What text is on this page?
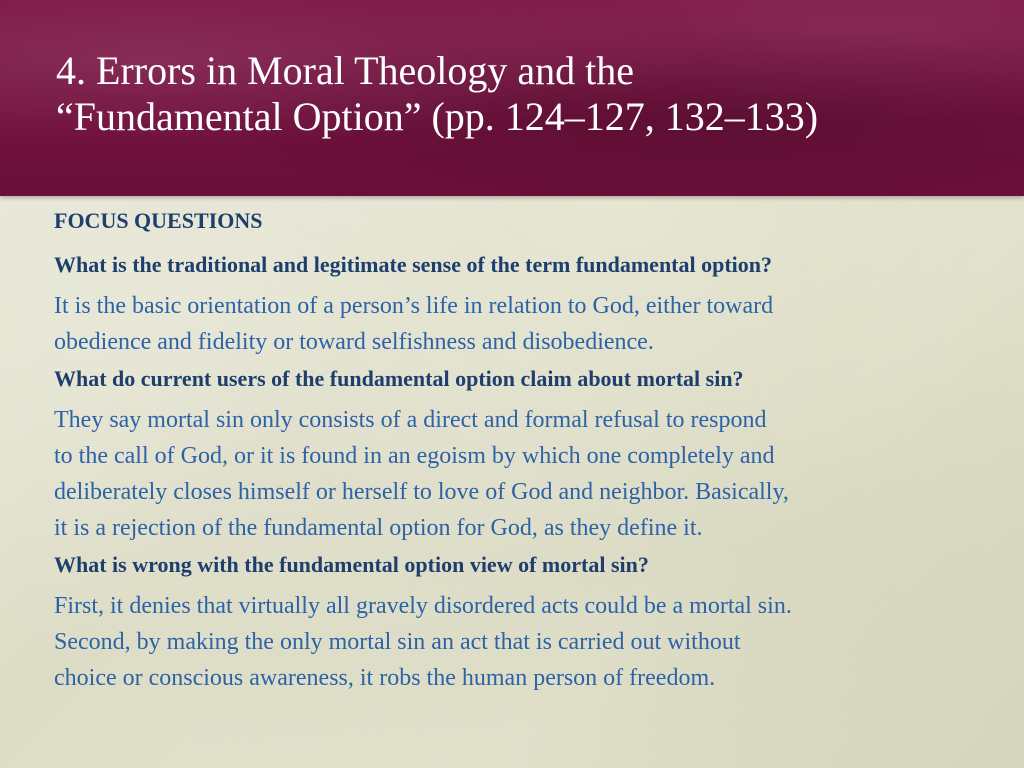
4. Errors in Moral Theology and the
“Fundamental Option” (pp. 124–127, 132–133)

FOCUS QUESTIONS

What is the traditional and legitimate sense of the term fundamental option?

It is the basic orientation of a person’s life in relation to God, either toward
obedience and fidelity or toward selfishness and disobedience.

What do current users of the fundamental option claim about mortal sin?

They say mortal sin only consists of a direct and formal refusal to respond
to the call of God, or it is found in an egoism by which one completely and
deliberately closes himself or herself to love of God and neighbor. Basically,
it is a rejection of the fundamental option for God, as they define it.

What is wrong with the fundamental option view of mortal sin?

First, it denies that virtually all gravely disordered acts could be a mortal sin.
Second, by making the only mortal sin an act that is carried out without
choice or conscious awareness, it robs the human person of freedom.
